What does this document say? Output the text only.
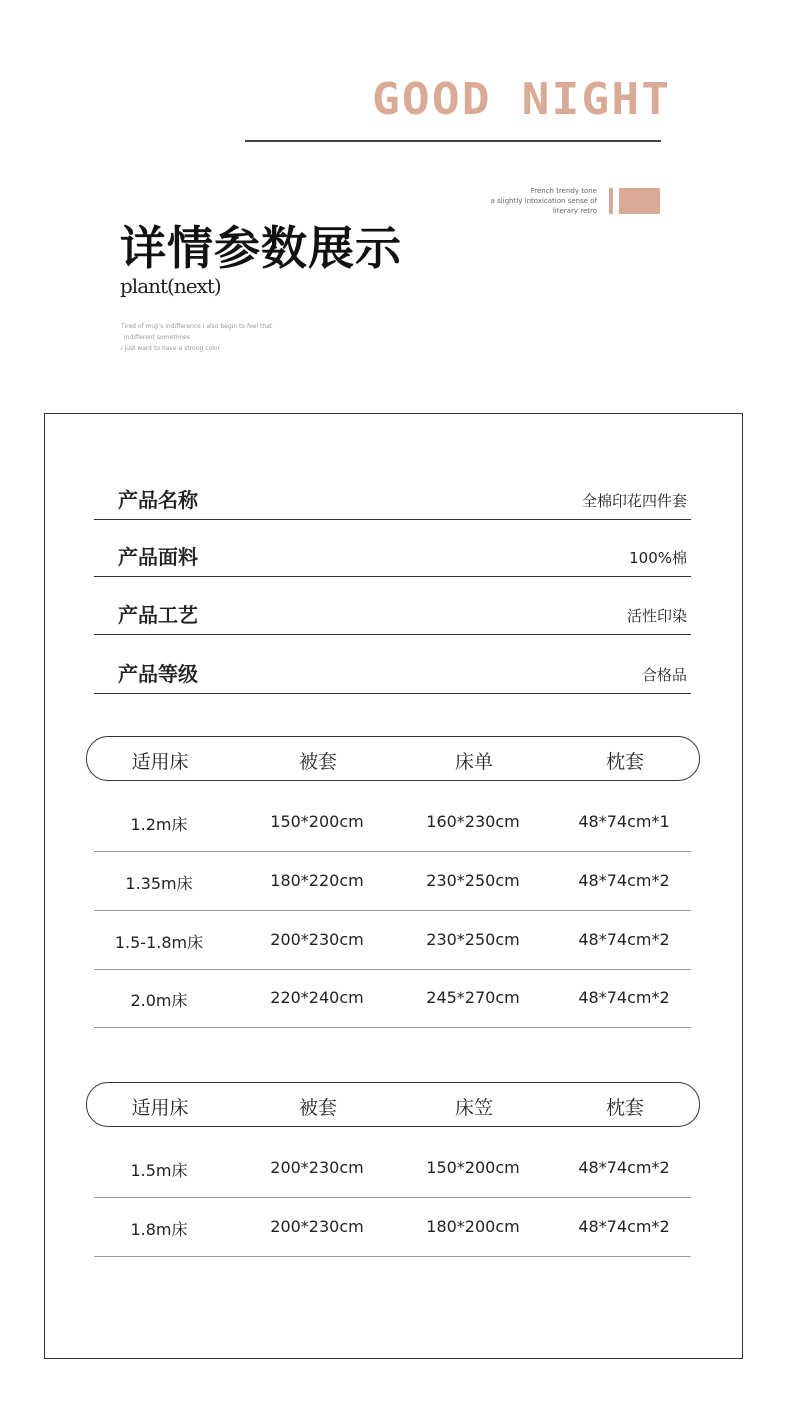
GOOD NIGHT
French trendy tone
a slightly intoxication sense of
literary retro
详情参数展示
plant(next)
Tired of muji's indifference i also begin to feel that
indifferent sometimes
i just want to have a strong color
产品名称	全棉印花四件套
产品面料	100%棉
产品工艺	活性印染
产品等级	合格品
适用床	被套	床单	枕套
1.2m床	150*200cm	160*230cm	48*74cm*1
1.35m床	180*220cm	230*250cm	48*74cm*2
1.5-1.8m床	200*230cm	230*250cm	48*74cm*2
2.0m床	220*240cm	245*270cm	48*74cm*2
适用床	被套	床笠	枕套
1.5m床	200*230cm	150*200cm	48*74cm*2
1.8m床	200*230cm	180*200cm	48*74cm*2
